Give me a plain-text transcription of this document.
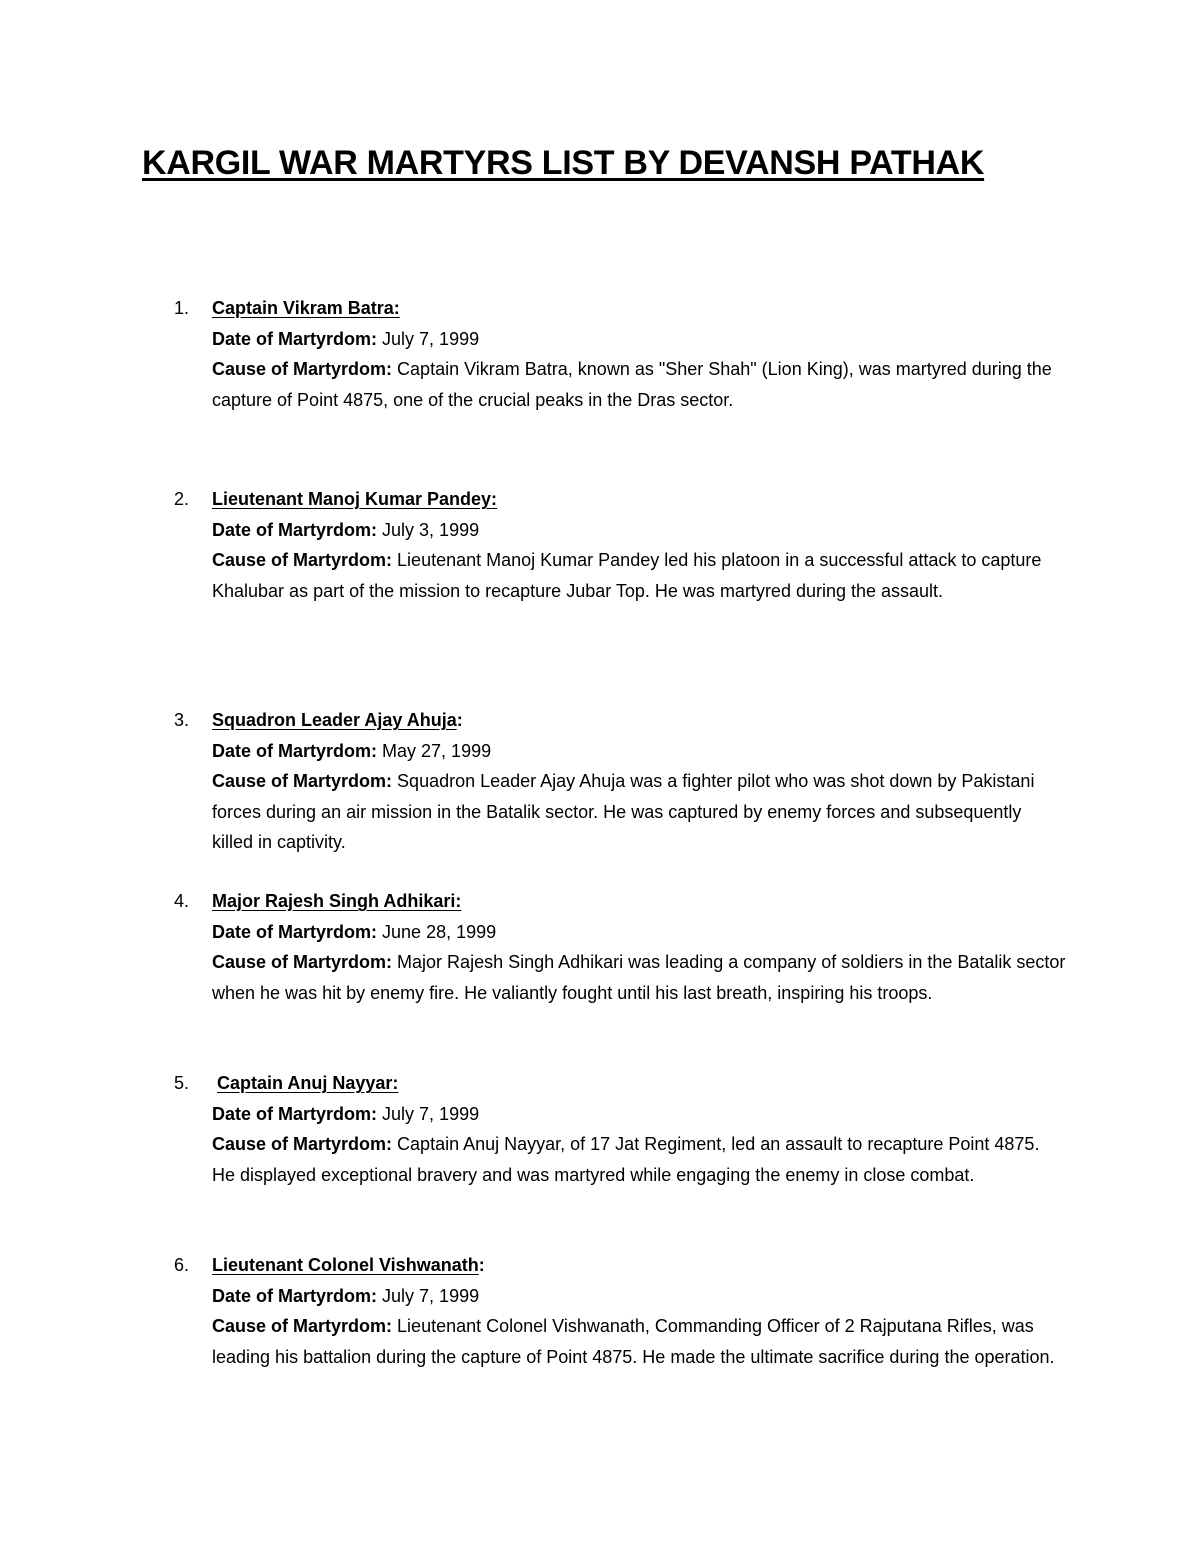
KARGIL WAR MARTYRS LIST BY DEVANSH PATHAK
1.	Captain Vikram Batra:
Date of Martyrdom: July 7, 1999
Cause of Martyrdom: Captain Vikram Batra, known as "Sher Shah" (Lion King), was martyred during the capture of Point 4875, one of the crucial peaks in the Dras sector.
2.	Lieutenant Manoj Kumar Pandey:
Date of Martyrdom: July 3, 1999
Cause of Martyrdom: Lieutenant Manoj Kumar Pandey led his platoon in a successful attack to capture Khalubar as part of the mission to recapture Jubar Top. He was martyred during the assault.
3.	Squadron Leader Ajay Ahuja:
Date of Martyrdom: May 27, 1999
Cause of Martyrdom: Squadron Leader Ajay Ahuja was a fighter pilot who was shot down by Pakistani forces during an air mission in the Batalik sector. He was captured by enemy forces and subsequently killed in captivity.
4.	Major Rajesh Singh Adhikari:
Date of Martyrdom: June 28, 1999
Cause of Martyrdom: Major Rajesh Singh Adhikari was leading a company of soldiers in the Batalik sector when he was hit by enemy fire. He valiantly fought until his last breath, inspiring his troops.
5.	Captain Anuj Nayyar:
Date of Martyrdom: July 7, 1999
Cause of Martyrdom: Captain Anuj Nayyar, of 17 Jat Regiment, led an assault to recapture Point 4875. He displayed exceptional bravery and was martyred while engaging the enemy in close combat.
6.	Lieutenant Colonel Vishwanath:
Date of Martyrdom: July 7, 1999
Cause of Martyrdom: Lieutenant Colonel Vishwanath, Commanding Officer of 2 Rajputana Rifles, was leading his battalion during the capture of Point 4875. He made the ultimate sacrifice during the operation.
